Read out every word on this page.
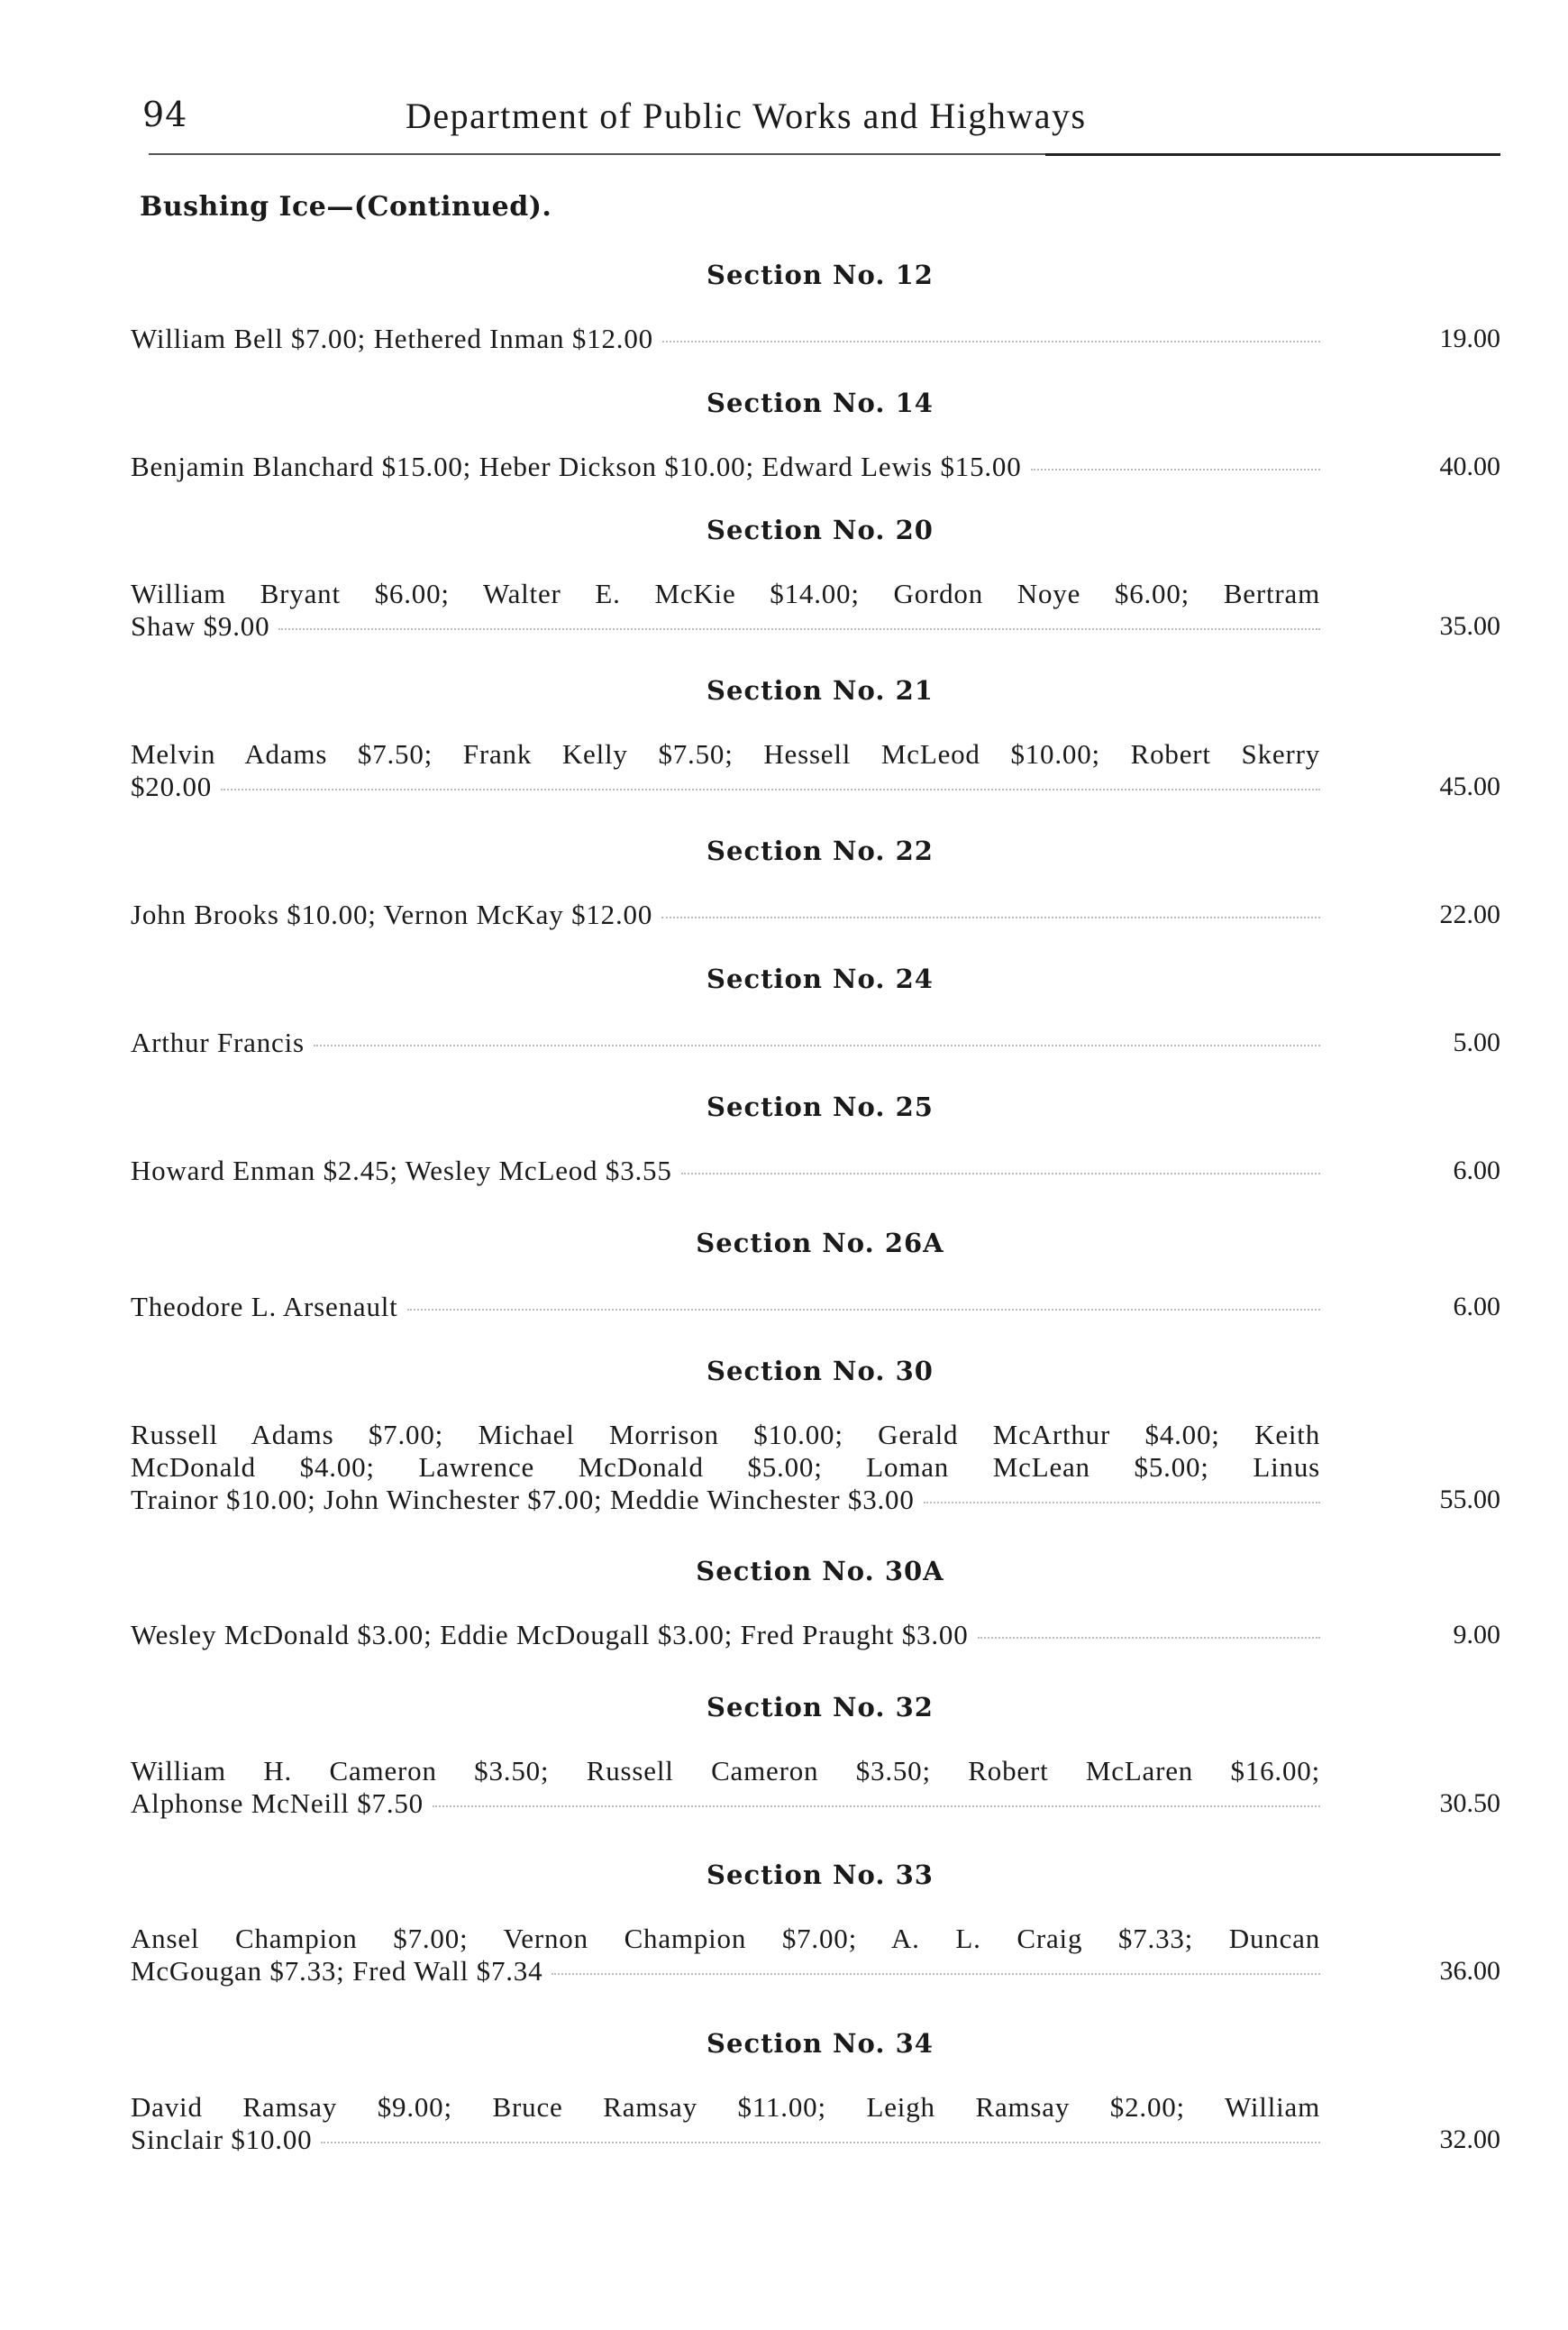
94	Department of Public Works and Highways
Bushing Ice—(Continued).
Section No. 12
William Bell $7.00; Hethered Inman $12.00	19.00
Section No. 14
Benjamin Blanchard $15.00; Heber Dickson $10.00; Edward Lewis $15.00	40.00
Section No. 20
William Bryant $6.00; Walter E. McKie $14.00; Gordon Noye $6.00; Bertram
Shaw $9.00	35.00
Section No. 21
Melvin Adams $7.50; Frank Kelly $7.50; Hessell McLeod $10.00; Robert Skerry
$20.00	45.00
Section No. 22
John Brooks $10.00; Vernon McKay $12.00	22.00
Section No. 24
Arthur Francis	5.00
Section No. 25
Howard Enman $2.45; Wesley McLeod $3.55	6.00
Section No. 26A
Theodore L. Arsenault	6.00
Section No. 30
Russell Adams $7.00; Michael Morrison $10.00; Gerald McArthur $4.00; Keith
McDonald $4.00; Lawrence McDonald $5.00; Loman McLean $5.00; Linus
Trainor $10.00; John Winchester $7.00; Meddie Winchester $3.00	55.00
Section No. 30A
Wesley McDonald $3.00; Eddie McDougall $3.00; Fred Praught $3.00	9.00
Section No. 32
William H. Cameron $3.50; Russell Cameron $3.50; Robert McLaren $16.00;
Alphonse McNeill $7.50	30.50
Section No. 33
Ansel Champion $7.00; Vernon Champion $7.00; A. L. Craig $7.33; Duncan
McGougan $7.33; Fred Wall $7.34	36.00
Section No. 34
David Ramsay $9.00; Bruce Ramsay $11.00; Leigh Ramsay $2.00; William
Sinclair $10.00	32.00
